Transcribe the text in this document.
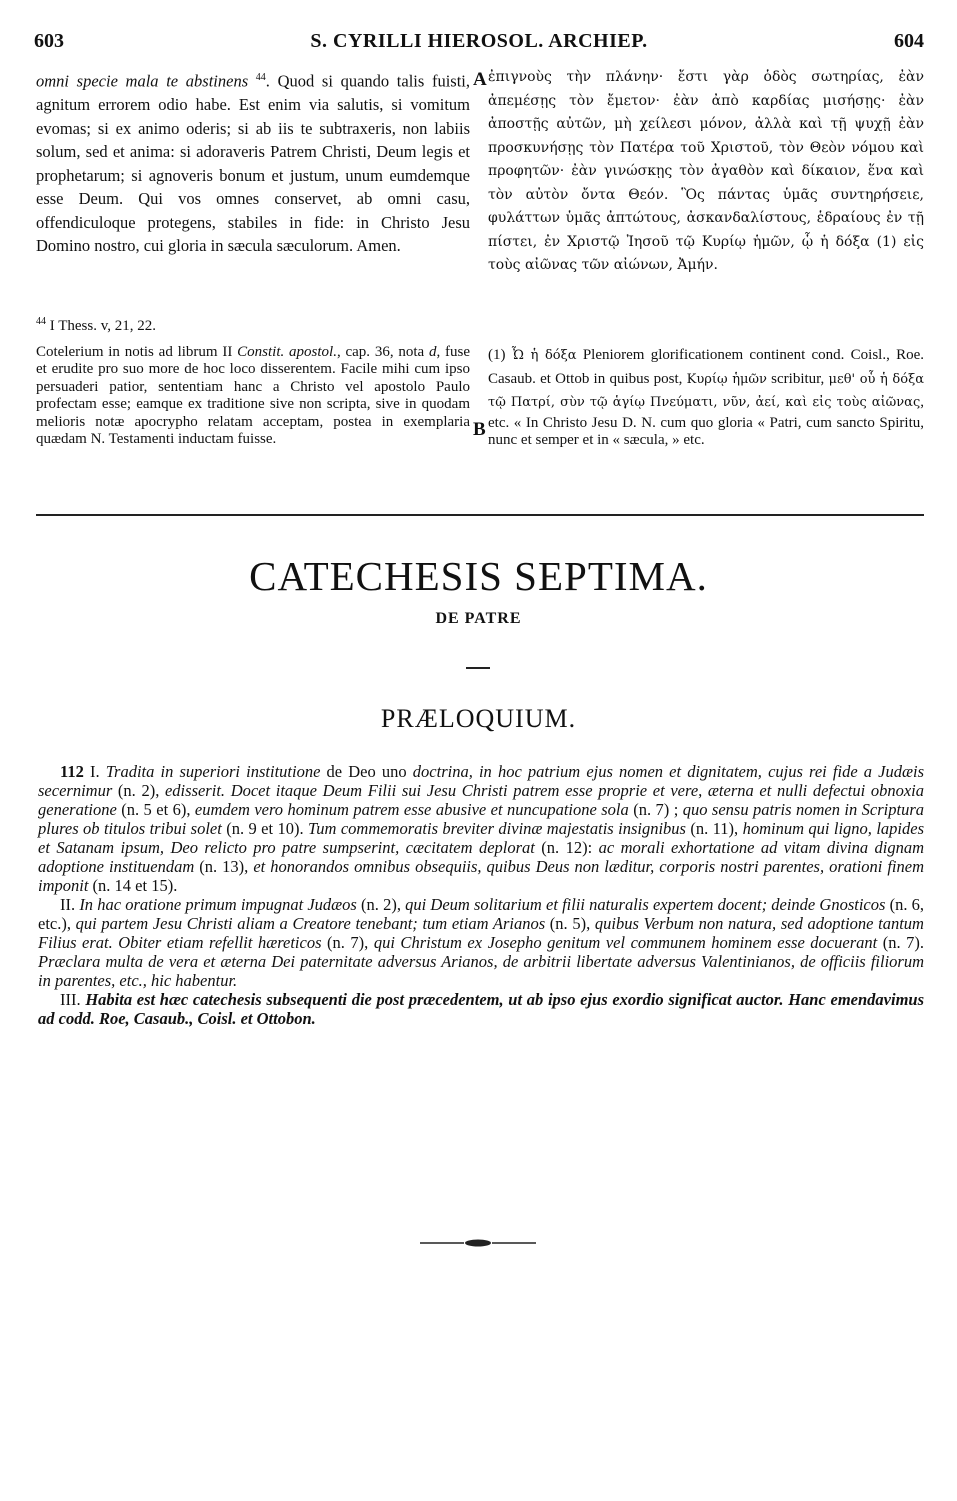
603	S. CYRILLI HIEROSOL. ARCHIEP.	604

omni specie mala te abstinens $^{44}$. Quod si quando talis fuisti, agnitum errorem odio habe. Est enim via salutis, si vomitum evomas; si ex animo oderis; si ab iis te subtraxeris, non labiis solum, sed et anima: si adoraveris Patrem Christi, Deum legis et prophetarum; si agnoveris bonum et justum, unum eumdemque esse Deum. Qui vos omnes conservet, ab omni casu, offendiculoque protegens, stabiles in fide: in Christo Jesu Domino nostro, cui gloria in sæcula sæculorum. Amen.

A
B

ἐπιγνοὺς τὴν πλάνην· ἔστι γὰρ ὁδὸς σωτηρίας, ἐὰν ἀπεμέσῃς τὸν ἔμετον· ἐὰν ἀπὸ καρδίας μισήσῃς· ἐὰν ἀποστῇς αὐτῶν, μὴ χείλεσι μόνον, ἀλλὰ καὶ τῇ ψυχῇ ἐὰν προσκυνήσῃς τὸν Πατέρα τοῦ Χριστοῦ, τὸν Θεὸν νόμου καὶ προφητῶν· ἐὰν γινώσκῃς τὸν ἀγαθὸν καὶ δίκαιον, ἕνα καὶ τὸν αὐτὸν ὄντα Θεόν. Ὃς πάντας ὑμᾶς συντηρήσειε, φυλάττων ὑμᾶς ἀπτώτους, ἀσκανδαλίστους, ἑδραίους ἐν τῇ πίστει, ἐν Χριστῷ Ἰησοῦ τῷ Κυρίῳ ἡμῶν, ᾧ ἡ δόξα (1) εἰς τοὺς αἰῶνας τῶν αἰώνων, Ἀμήν.

$^{44}$ I Thess. v, 21, 22.
Cotelerium in notis ad librum II Constit. apostol., cap. 36, nota d, fuse et erudite pro suo more de hoc loco disserentem. Facile mihi cum ipso persuaderi patior, sententiam hanc a Christo vel apostolo Paulo profectam esse; eamque ex traditione sive non scripta, sive in quodam melioris notæ apocrypho relatam acceptam, postea in exemplaria quædam N. Testamenti inductam fuisse.
(1) Ὦ ἡ δόξα Pleniorem glorificationem continent cond. Coisl., Roe. Casaub. et Ottob in quibus post, Κυρίῳ ἡμῶν scribitur, μεθ' οὗ ἡ δόξα τῷ Πατρί, σὺν τῷ ἁγίῳ Πνεύματι, νῦν, ἀεί, καὶ εἰς τοὺς αἰῶνας, etc. « In Christo Jesu D. N. cum quo gloria « Patri, cum sancto Spiritu, nunc et semper et in « sæcula, » etc.
CATECHESIS SEPTIMA.
DE PATRE
PRÆLOQUIUM.

112 I. Tradita in superiori institutione de Deo uno doctrina, in hoc patrium ejus nomen et dignitatem, cujus rei fide a Judæis secernimur (n. 2), edisserit. Docet itaque Deum Filii sui Jesu Christi patrem esse proprie et vere, æterna et nulli defectui obnoxia generatione (n. 5 et 6), eumdem vero hominum patrem esse abusive et nuncupatione sola (n. 7) ; quo sensu patris nomen in Scriptura plures ob titulos tribui solet (n. 9 et 10). Tum commemoratis breviter divinæ majestatis insignibus (n. 11), hominum qui ligno, lapides et Satanam ipsum, Deo relicto pro patre sumpserint, cæcitatem deplorat (n. 12): ac morali exhortatione ad vitam divina dignam adoptione instituendam (n. 13), et honorandos omnibus obsequiis, quibus Deus non læditur, corporis nostri parentes, orationi finem imponit (n. 14 et 15).

II. In hac oratione primum impugnat Judæos (n. 2), qui Deum solitarium et filii naturalis expertem docent; deinde Gnosticos (n. 6, etc.), qui partem Jesu Christi aliam a Creatore tenebant; tum etiam Arianos (n. 5), quibus Verbum non natura, sed adoptione tantum Filius erat. Obiter etiam refellit hæreticos (n. 7), qui Christum ex Josepho genitum vel communem hominem esse docuerant (n. 7). Præclara multa de vera et æterna Dei paternitate adversus Arianos, de arbitrii libertate adversus Valentinianos, de officiis filiorum in parentes, etc., hic habentur.

III. Habita est hæc catechesis subsequenti die post præcedentem, ut ab ipso ejus exordio significat auctor. Hanc emendavimus ad codd. Roe, Casaub., Coisl. et Ottobon.
